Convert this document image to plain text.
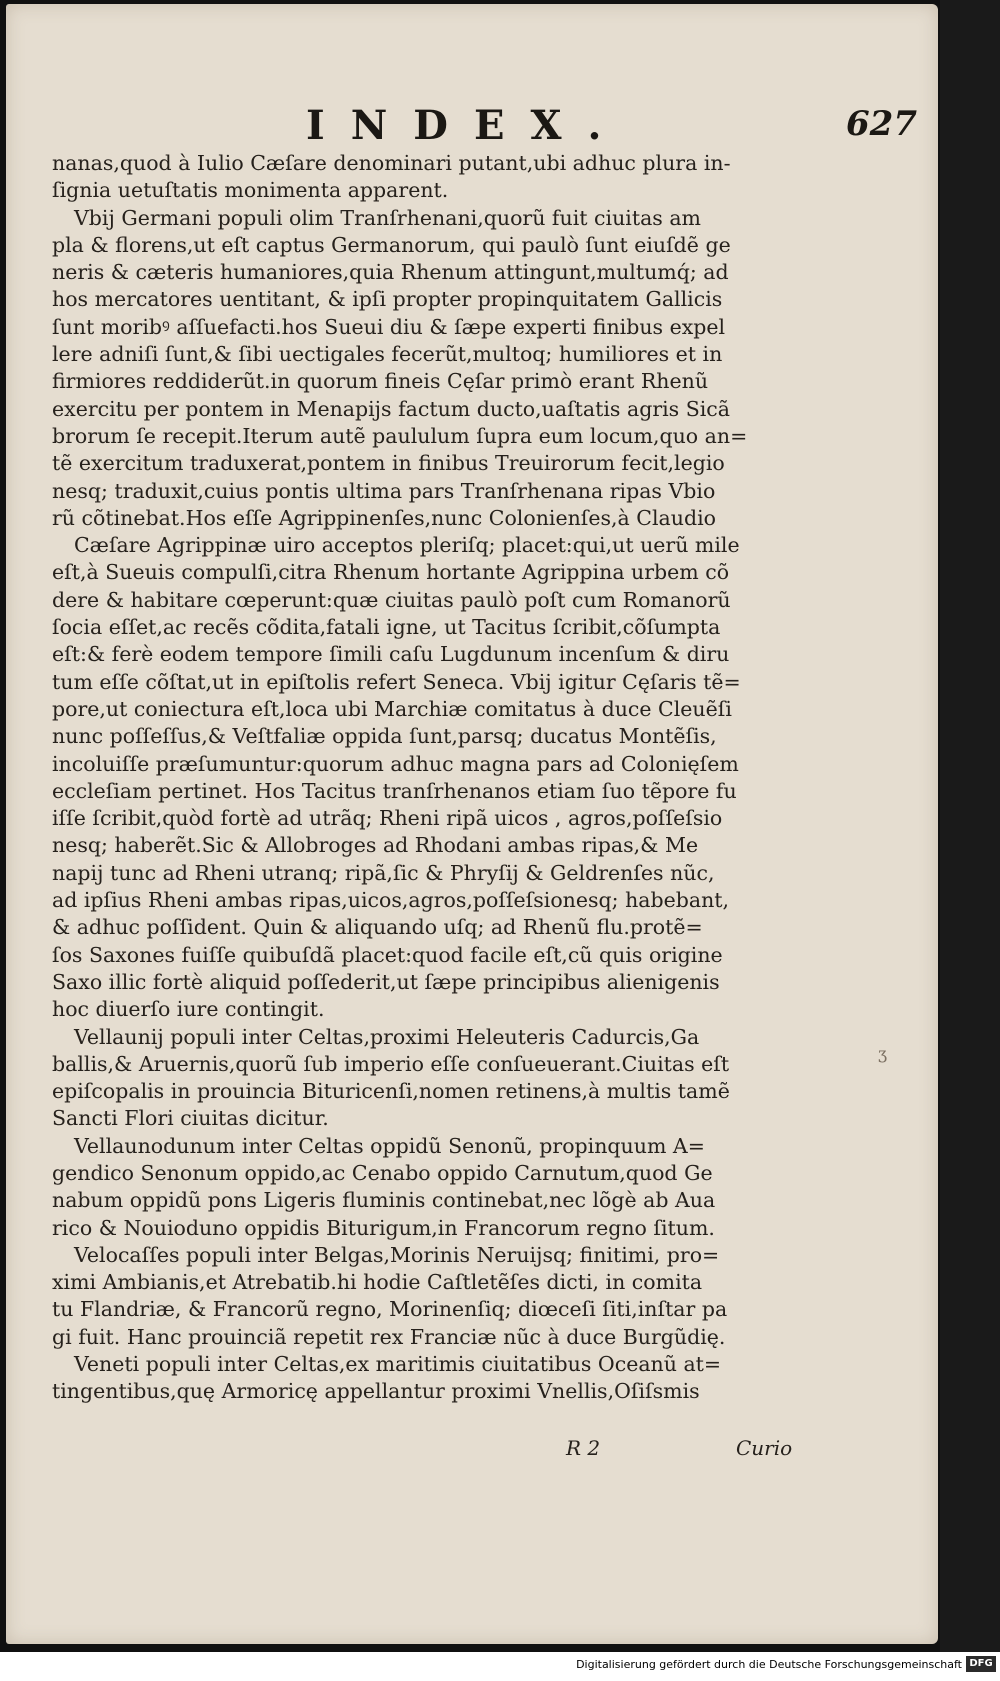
INDEX.	627
nanas,quod à Iulio Cæſare denominari putant,ubi adhuc plura in-
ſignia uetuſtatis monimenta apparent.
Vbij Germani populi olim Tranſrhenani,quorũ fuit ciuitas am
pla & florens,ut eſt captus Germanorum, qui paulò ſunt eiuſdẽ ge
neris & cæteris humaniores,quia Rhenum attingunt,multumq́; ad
hos mercatores uentitant, & ipſi propter propinquitatem Gallicis
ſunt moribꝰ aſſuefacti.hos Sueui diu & ſæpe experti finibus expel
lere adniſi ſunt,& ſibi uectigales fecerũt,multoq; humiliores et in
firmiores reddiderũt.in quorum fineis Cęſar primò erant Rhenũ
exercitu per pontem in Menapijs factum ducto,uaſtatis agris Sicã
brorum ſe recepit.Iterum autẽ paululum ſupra eum locum,quo an=
tẽ exercitum traduxerat,pontem in finibus Treuirorum fecit,legio
nesq; traduxit,cuius pontis ultima pars Tranſrhenana ripas Vbio
rũ cõtinebat.Hos eſſe Agrippinenſes,nunc Colonienſes,à Claudio
Cæſare Agrippinæ uiro acceptos pleriſq; placet:qui,ut uerũ mile
eſt,à Sueuis compulſi,citra Rhenum hortante Agrippina urbem cõ
dere & habitare cœperunt:quæ ciuitas paulò poſt cum Romanorũ
ſocia eſſet,ac recẽs cõdita,fatali igne, ut Tacitus ſcribit,cõſumpta
eſt:& ferè eodem tempore ſimili caſu Lugdunum incenſum & diru
tum eſſe cõſtat,ut in epiſtolis refert Seneca. Vbij igitur Cęſaris tẽ=
pore,ut coniectura eſt,loca ubi Marchiæ comitatus à duce Cleuẽſi
nunc poſſeſſus,& Veſtfaliæ oppida ſunt,parsq; ducatus Montẽſis,
incoluiſſe præſumuntur:quorum adhuc magna pars ad Colonięſem
eccleſiam pertinet. Hos Tacitus tranſrhenanos etiam ſuo tẽpore fu
iſſe ſcribit,quòd fortè ad utrãq; Rheni ripã uicos , agros,poſſeſsio
nesq; haberẽt.Sic & Allobroges ad Rhodani ambas ripas,& Me
napij tunc ad Rheni utranq; ripã,ſic & Phryſij & Geldrenſes nũc,
ad ipſius Rheni ambas ripas,uicos,agros,poſſeſsionesq; habebant,
& adhuc poſſident. Quin & aliquando uſq; ad Rhenũ flu.protẽ=
ſos Saxones fuiſſe quibuſdã placet:quod facile eſt,cũ quis origine
Saxo illic fortè aliquid poſſederit,ut ſæpe principibus alienigenis
hoc diuerſo iure contingit.
Vellaunij populi inter Celtas,proximi Heleuteris Cadurcis,Ga
ballis,& Aruernis,quorũ ſub imperio eſſe conſueuerant.Ciuitas eſt
epiſcopalis in prouincia Bituricenſi,nomen retinens,à multis tamẽ
Sancti Flori ciuitas dicitur.
Vellaunodunum inter Celtas oppidũ Senonũ, propinquum A=
gendico Senonum oppido,ac Cenabo oppido Carnutum,quod Ge
nabum oppidũ pons Ligeris fluminis continebat,nec lõgè ab Aua
rico & Nouioduno oppidis Biturigum,in Francorum regno ſitum.
Velocaſſes populi inter Belgas,Morinis Neruijsq; finitimi, pro=
ximi Ambianis,et Atrebatib.hi hodie Caſtletẽſes dicti, in comita
tu Flandriæ, & Francorũ regno, Morinenſiq; diœceſi ſiti,inſtar pa
gi fuit. Hanc prouinciã repetit rex Franciæ nũc à duce Burgũdię.
Veneti populi inter Celtas,ex maritimis ciuitatibus Oceanũ at=
tingentibus,quę Armoricę appellantur proximi Vnellis,Oſiſsmis
ʒ
R 2	Curio
Digitalisierung gefördert durch die Deutsche Forschungsgemeinschaft DFG
